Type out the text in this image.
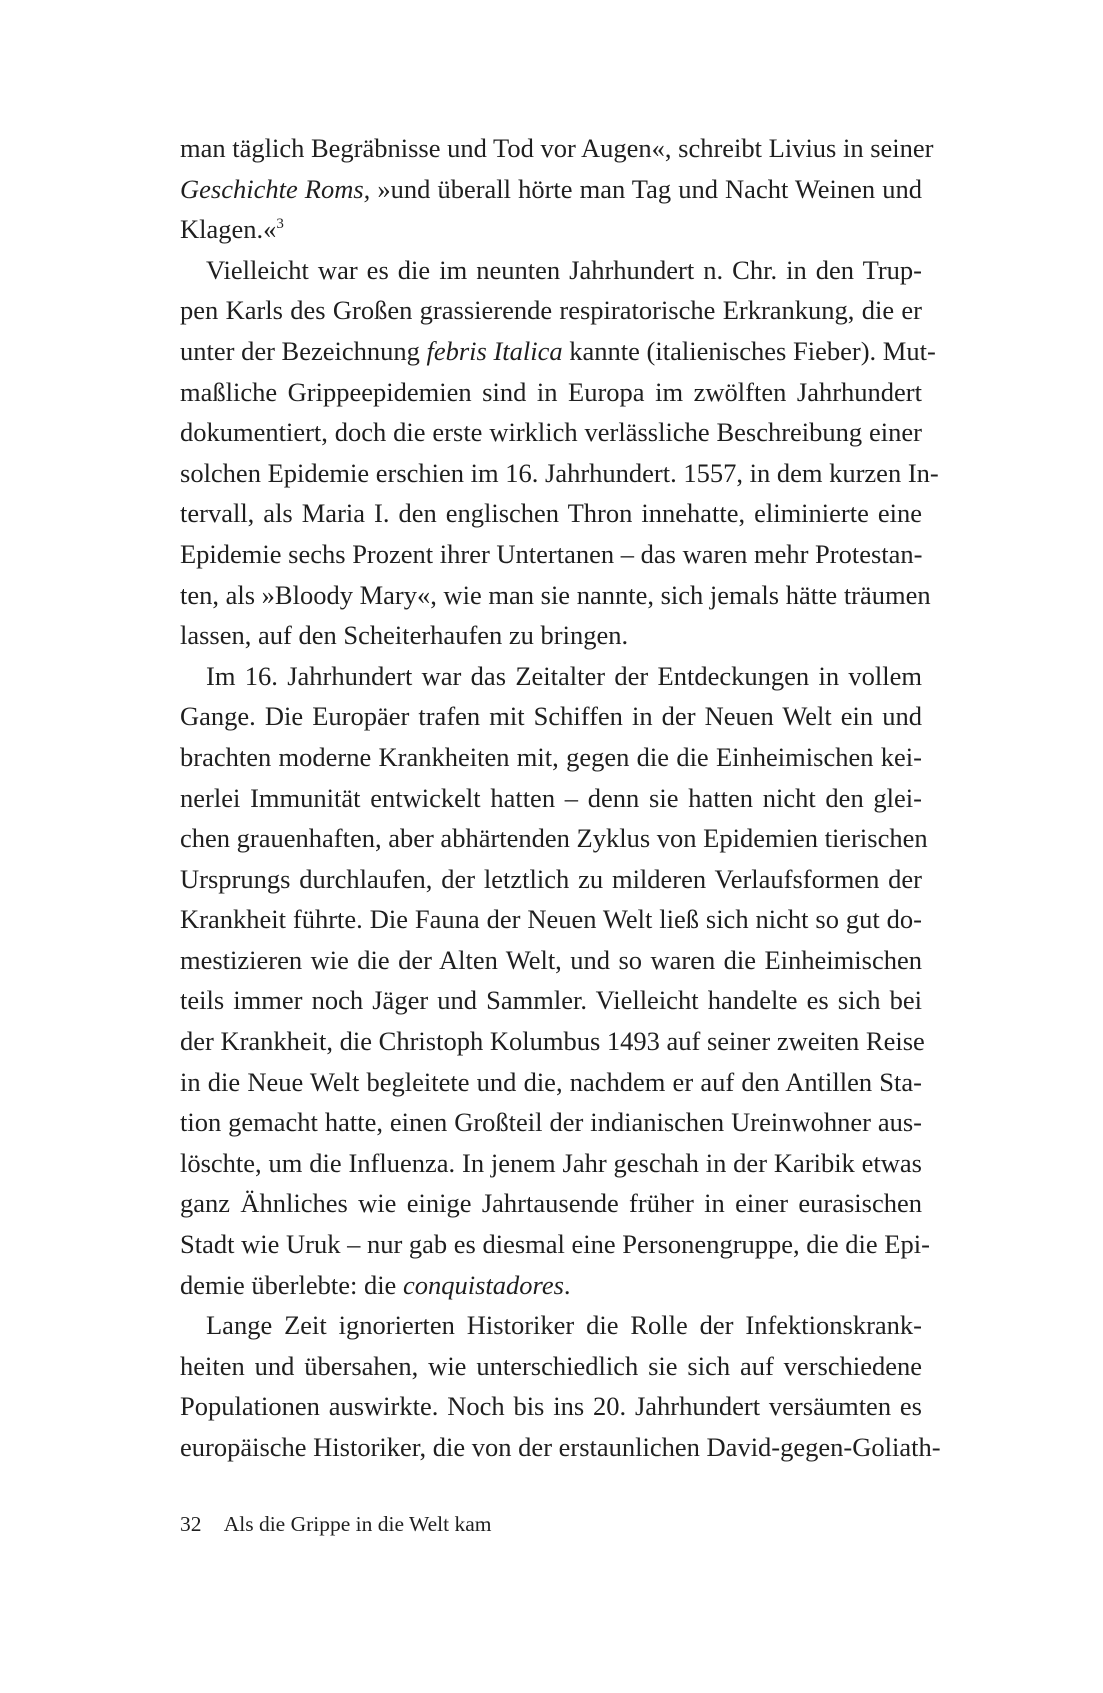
man täglich Begräbnisse und Tod vor Augen«, schreibt Livius in seiner
Geschichte Roms, »und überall hörte man Tag und Nacht Weinen und
Klagen.«$^3$
Vielleicht war es die im neunten Jahrhundert n. Chr. in den Trup-
pen Karls des Großen grassierende respiratorische Erkrankung, die er
unter der Bezeichnung febris Italica kannte (italienisches Fieber). Mut-
maßliche Grippeepidemien sind in Europa im zwölften Jahrhundert
dokumentiert, doch die erste wirklich verlässliche Beschreibung einer
solchen Epidemie erschien im 16. Jahrhundert. 1557, in dem kurzen In-
tervall, als Maria I. den englischen Thron innehatte, eliminierte eine
Epidemie sechs Prozent ihrer Untertanen – das waren mehr Protestan-
ten, als »Bloody Mary«, wie man sie nannte, sich jemals hätte träumen
lassen, auf den Scheiterhaufen zu bringen.
Im 16. Jahrhundert war das Zeitalter der Entdeckungen in vollem
Gange. Die Europäer trafen mit Schiffen in der Neuen Welt ein und
brachten moderne Krankheiten mit, gegen die die Einheimischen kei-
nerlei Immunität entwickelt hatten – denn sie hatten nicht den glei-
chen grauenhaften, aber abhärtenden Zyklus von Epidemien tierischen
Ursprungs durchlaufen, der letztlich zu milderen Verlaufsformen der
Krankheit führte. Die Fauna der Neuen Welt ließ sich nicht so gut do-
mestizieren wie die der Alten Welt, und so waren die Einheimischen
teils immer noch Jäger und Sammler. Vielleicht handelte es sich bei
der Krankheit, die Christoph Kolumbus 1493 auf seiner zweiten Reise
in die Neue Welt begleitete und die, nachdem er auf den Antillen Sta-
tion gemacht hatte, einen Großteil der indianischen Ureinwohner aus-
löschte, um die Influenza. In jenem Jahr geschah in der Karibik etwas
ganz Ähnliches wie einige Jahrtausende früher in einer eurasischen
Stadt wie Uruk – nur gab es diesmal eine Personengruppe, die die Epi-
demie überlebte: die conquistadores.
Lange Zeit ignorierten Historiker die Rolle der Infektionskrank-
heiten und übersahen, wie unterschiedlich sie sich auf verschiedene
Populationen auswirkte. Noch bis ins 20. Jahrhundert versäumten es
europäische Historiker, die von der erstaunlichen David-gegen-Goliath-
32 Als die Grippe in die Welt kam
